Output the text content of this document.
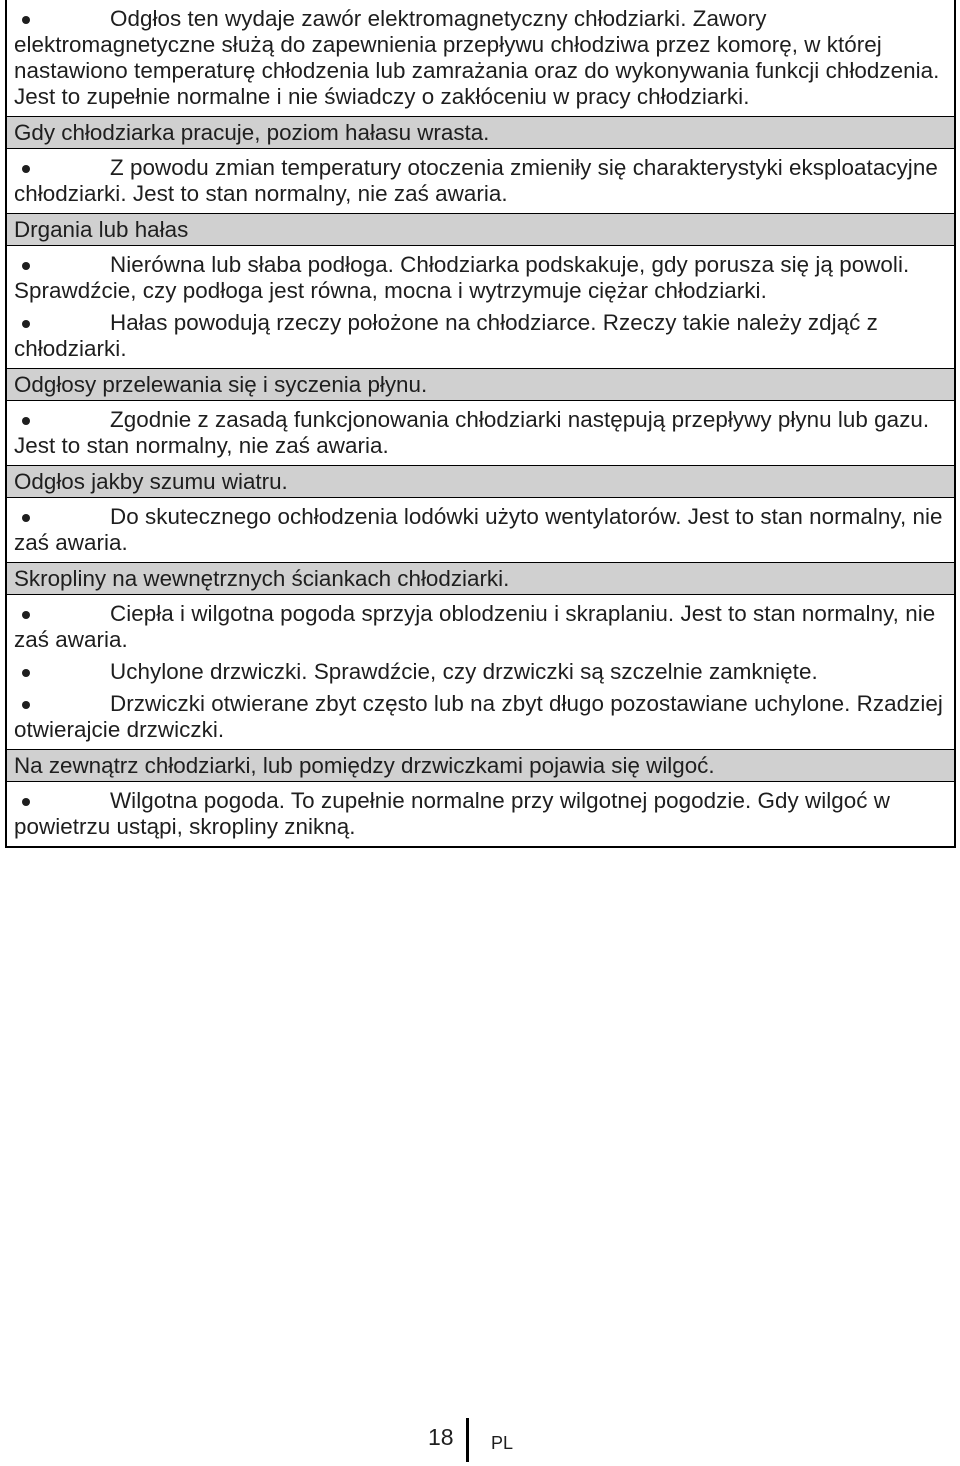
Odgłos ten wydaje zawór elektromagnetyczny chłodziarki. Zawory elektromagnetyczne służą do zapewnienia przepływu chłodziwa przez komorę, w której nastawiono temperaturę chłodzenia lub zamrażania oraz do wykonywania funkcji chłodzenia. Jest to zupełnie normalne i nie świadczy o zakłóceniu w pracy chłodziarki.

Gdy chłodziarka pracuje, poziom hałasu wrasta.

Z powodu zmian temperatury otoczenia zmieniły się charakterystyki eksploatacyjne chłodziarki. Jest to stan normalny, nie zaś awaria.

Drgania lub hałas

Nierówna lub słaba podłoga. Chłodziarka podskakuje, gdy porusza się ją powoli. Sprawdźcie, czy podłoga jest równa, mocna i wytrzymuje ciężar chłodziarki.

Hałas powodują rzeczy położone na chłodziarce. Rzeczy takie należy zdjąć z chłodziarki.

Odgłosy przelewania się i syczenia płynu.

Zgodnie z zasadą funkcjonowania chłodziarki następują przepływy płynu lub gazu. Jest to stan normalny, nie zaś awaria.

Odgłos jakby szumu wiatru.

Do skutecznego ochłodzenia lodówki użyto wentylatorów. Jest to stan normalny, nie zaś awaria.

Skropliny na wewnętrznych ściankach chłodziarki.

Ciepła i wilgotna pogoda sprzyja oblodzeniu i skraplaniu. Jest to stan normalny, nie zaś awaria.

Uchylone drzwiczki. Sprawdźcie, czy drzwiczki są szczelnie zamknięte.

Drzwiczki otwierane zbyt często lub na zbyt długo pozostawiane uchylone. Rzadziej otwierajcie drzwiczki.

Na zewnątrz chłodziarki, lub pomiędzy drzwiczkami pojawia się wilgoć.

Wilgotna pogoda. To zupełnie normalne przy wilgotnej pogodzie. Gdy wilgoć w powietrzu ustąpi, skropliny znikną.

18 PL
